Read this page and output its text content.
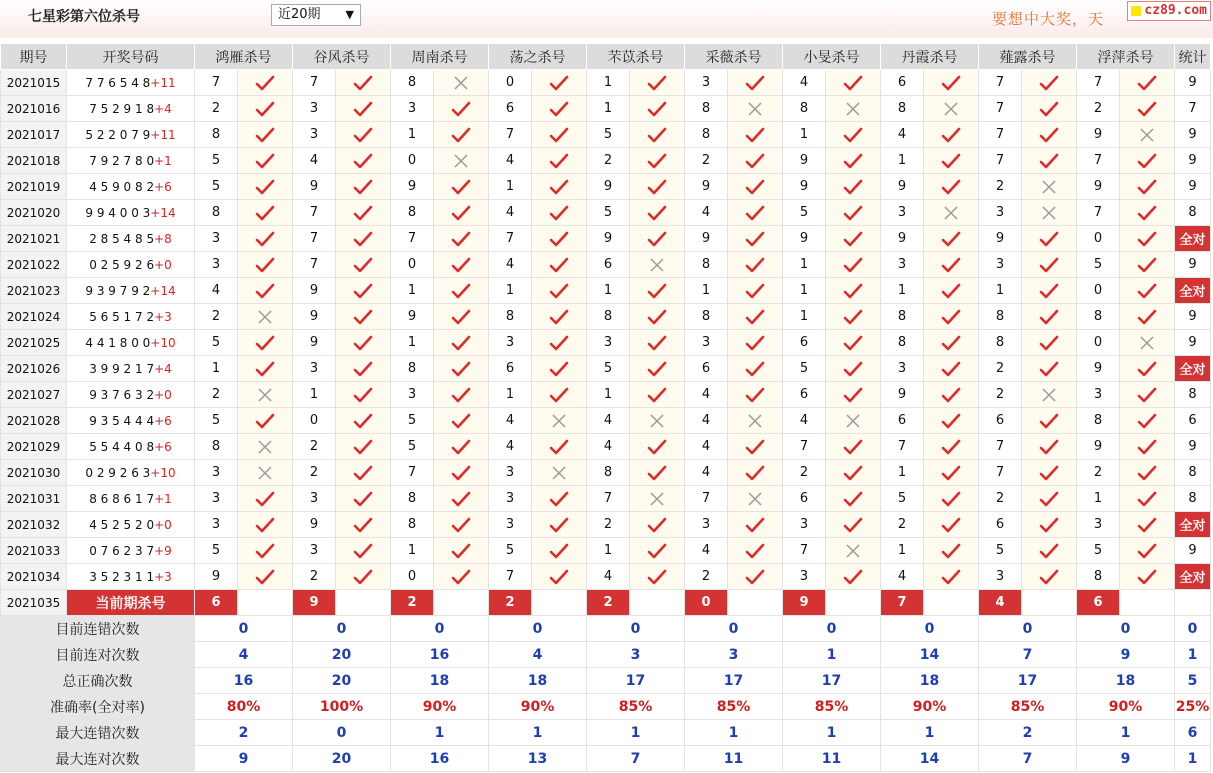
七星彩第六位杀号	近20期 ▼	要想中大奖，天	cz89.com
期号	开奖号码	鸿雁杀号		谷风杀号		周南杀号		荡之杀号		芣苡杀号		采薇杀号		小旻杀号		丹霞杀号		薤露杀号		浮萍杀号		统计
2021015	7 7 6 5 4 8+11	7		7		8		0		1		3		4		6		7		7		9
2021016	7 5 2 9 1 8+4	2		3		3		6		1		8		8		8		7		2		7
2021017	5 2 2 0 7 9+11	8		3		1		7		5		8		1		4		7		9		9
2021018	7 9 2 7 8 0+1	5		4		0		4		2		2		9		1		7		7		9
2021019	4 5 9 0 8 2+6	5		9		9		1		9		9		9		9		2		9		9
2021020	9 9 4 0 0 3+14	8		7		8		4		5		4		5		3		3		7		8
2021021	2 8 5 4 8 5+8	3		7		7		7		9		9		9		9		9		0		全对
2021022	0 2 5 9 2 6+0	3		7		0		4		6		8		1		3		3		5		9
2021023	9 3 9 7 9 2+14	4		9		1		1		1		1		1		1		1		0		全对
2021024	5 6 5 1 7 2+3	2		9		9		8		8		8		1		8		8		8		9
2021025	4 4 1 8 0 0+10	5		9		1		3		3		3		6		8		8		0		9
2021026	3 9 9 2 1 7+4	1		3		8		6		5		6		5		3		2		9		全对
2021027	9 3 7 6 3 2+0	2		1		3		1		1		4		6		9		2		3		8
2021028	9 3 5 4 4 4+6	5		0		5		4		4		4		4		6		6		8		6
2021029	5 5 4 4 0 8+6	8		2		5		4		4		4		7		7		7		9		9
2021030	0 2 9 2 6 3+10	3		2		7		3		8		4		2		1		7		2		8
2021031	8 6 8 6 1 7+1	3		3		8		3		7		7		6		5		2		1		8
2021032	4 5 2 5 2 0+0	3		9		8		3		2		3		3		2		6		3		全对
2021033	0 7 6 2 3 7+9	5		3		1		5		1		4		7		1		5		5		9
2021034	3 5 2 3 1 1+3	9		2		0		7		4		2		3		4		3		8		全对
2021035	当前期杀号	6		9		2		2		2		0		9		7		4		6		
目前连错次数		0		0		0		0		0		0		0		0		0		0		0
目前连对次数		4		20		16		4		3		3		1		14		7		9		1
总正确次数		16		20		18		18		17		17		17		18		17		18		5
准确率(全对率)		80%		100%		90%		90%		85%		85%		85%		90%		85%		90%		25%
最大连错次数		2		0		1		1		1		1		1		1		2		1		6
最大连对次数		9		20		16		13		7		11		11		14		7		9		1
